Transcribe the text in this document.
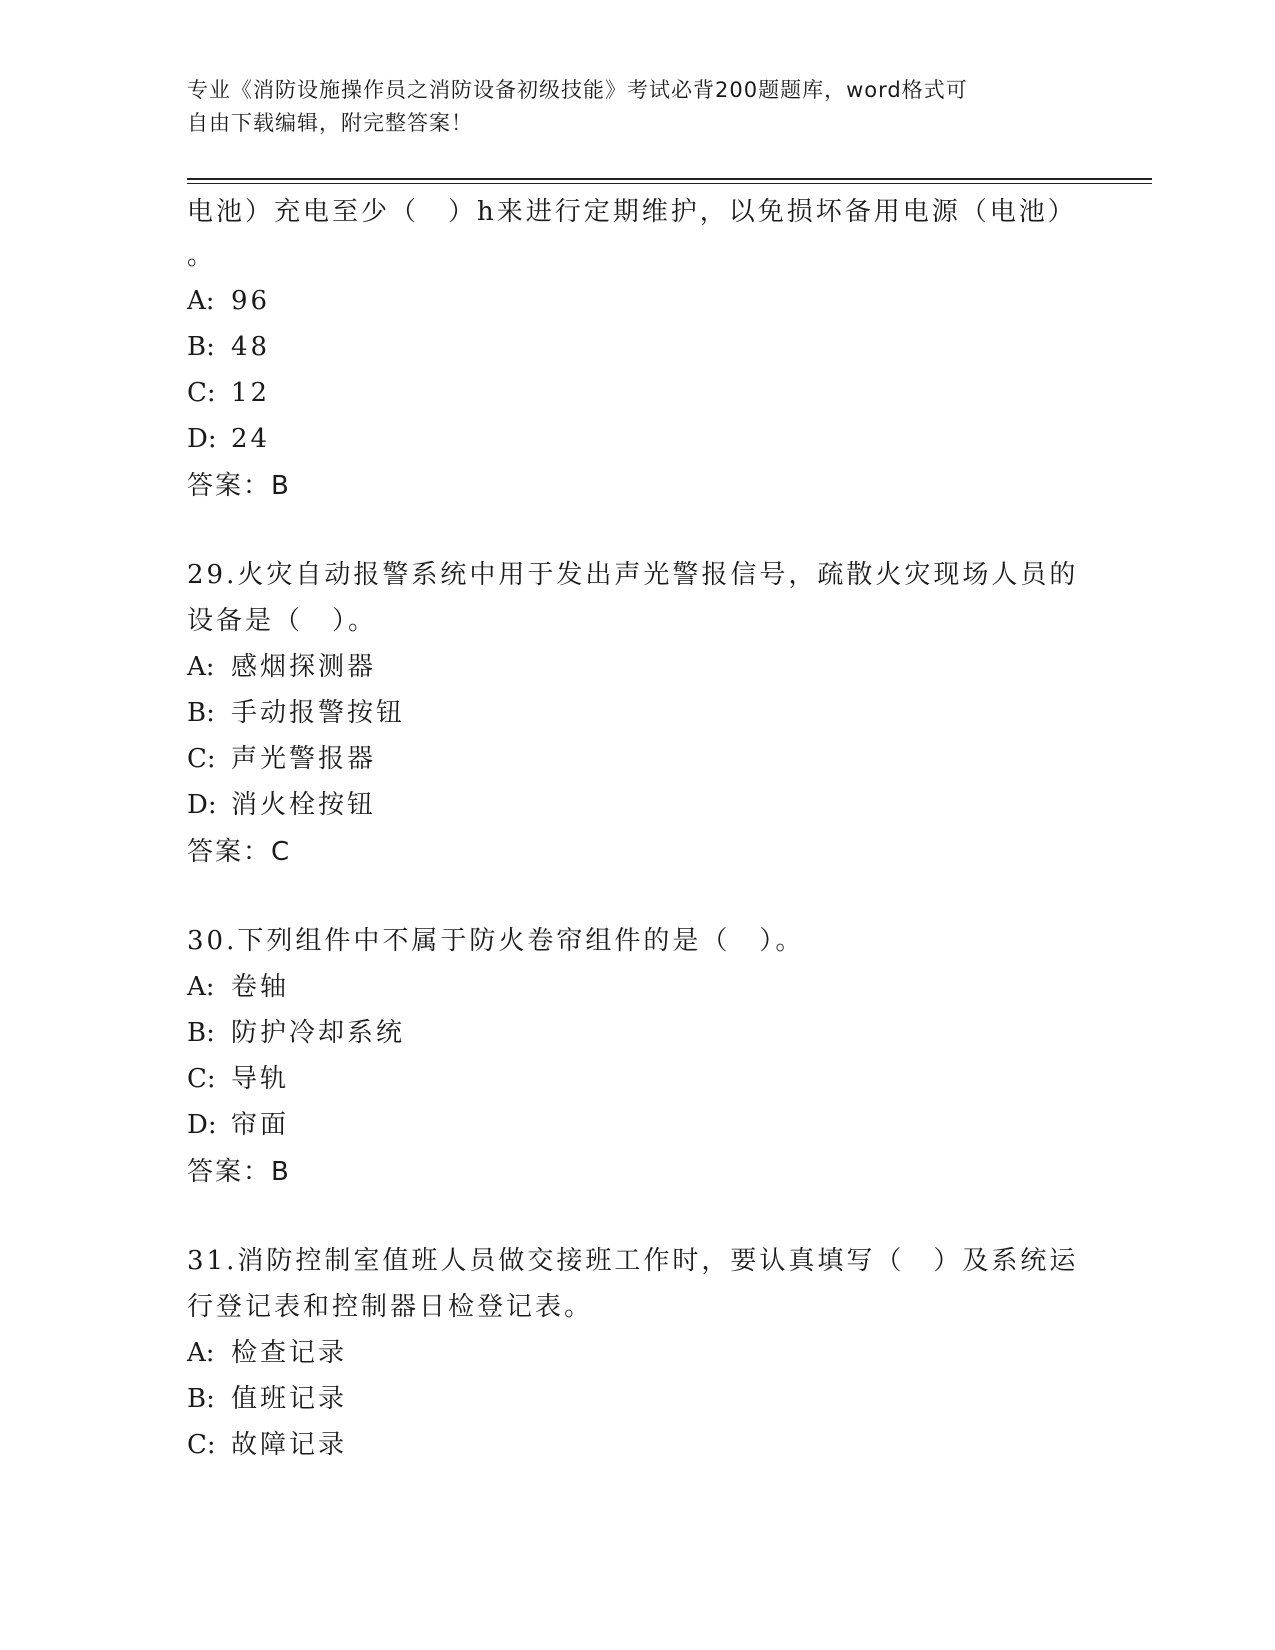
专业《消防设施操作员之消防设备初级技能》考试必背200题题库，word格式可
自由下载编辑，附完整答案！
电池）充电至少（　）h来进行定期维护，以免损坏备用电源（电池）
。
A: 96
B: 48
C: 12
D: 24
答案：B
29.火灾自动报警系统中用于发出声光警报信号，疏散火灾现场人员的
设备是（　）。
A: 感烟探测器
B: 手动报警按钮
C: 声光警报器
D: 消火栓按钮
答案：C
30.下列组件中不属于防火卷帘组件的是（　）。
A: 卷轴
B: 防护冷却系统
C: 导轨
D: 帘面
答案：B
31.消防控制室值班人员做交接班工作时，要认真填写（　）及系统运
行登记表和控制器日检登记表。
A: 检查记录
B: 值班记录
C: 故障记录
